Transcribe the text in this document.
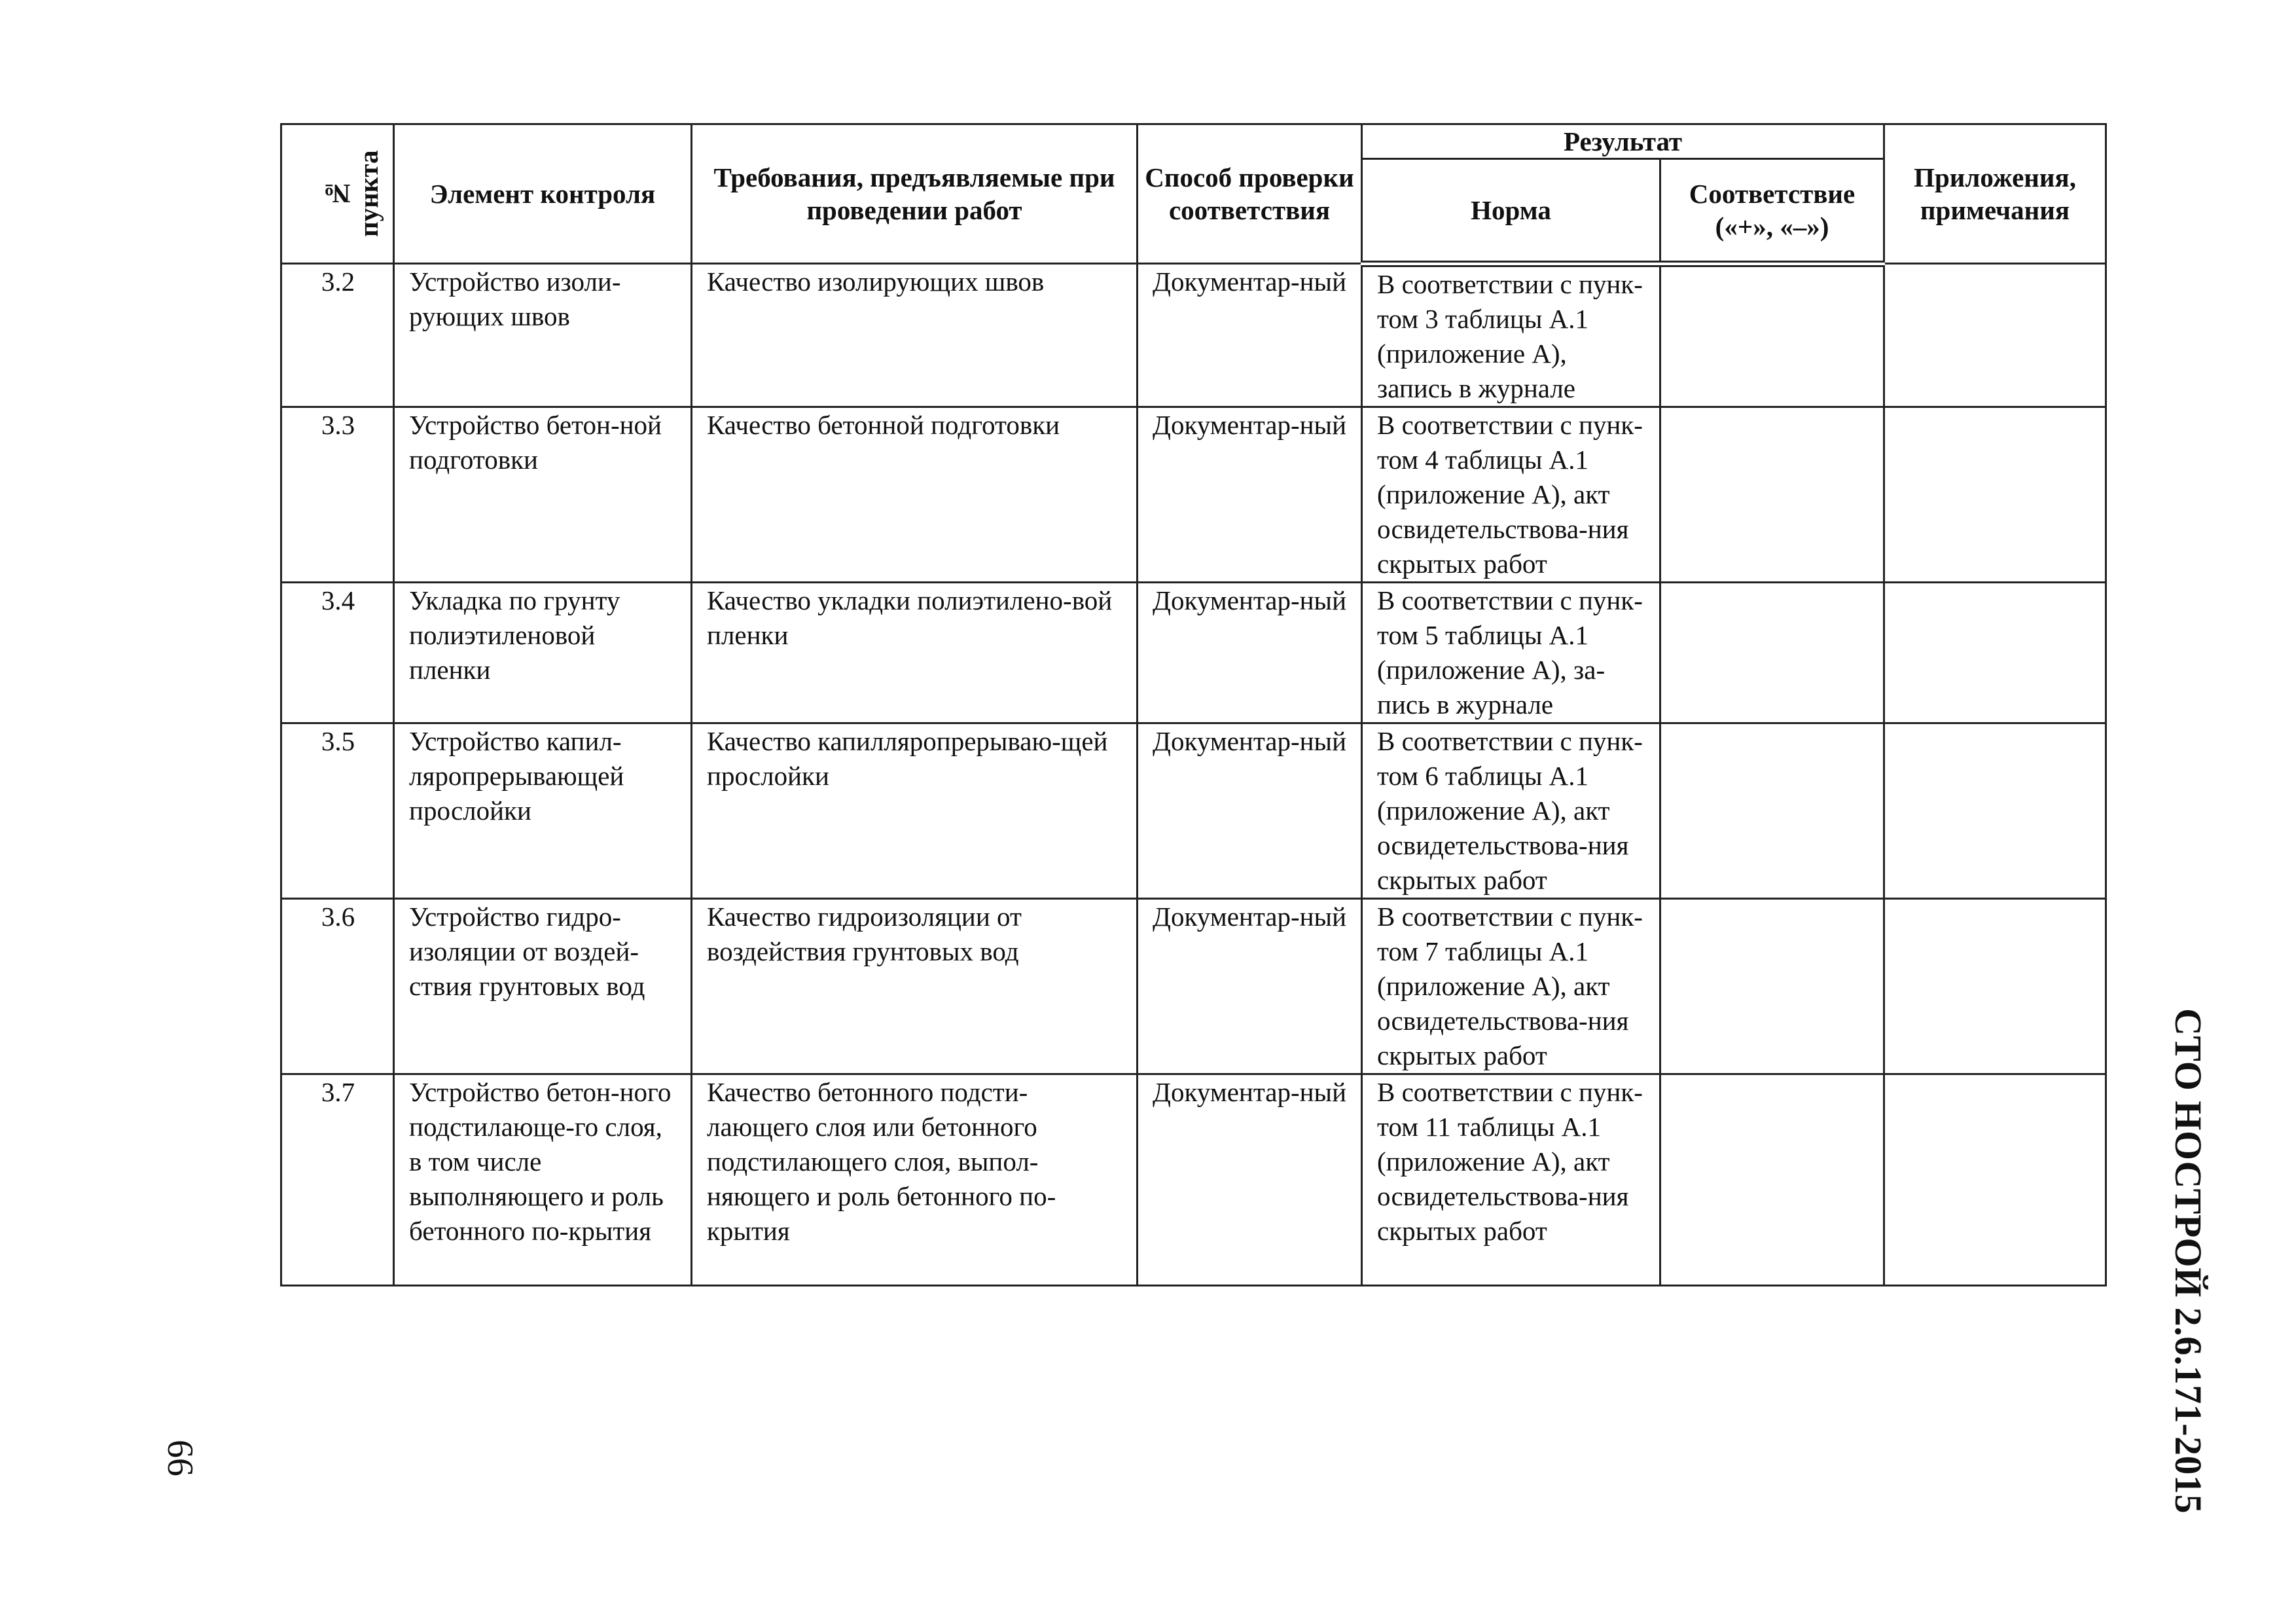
№
пункта	Элемент контроля	Требования, предъявляемые при проведении работ	Способ проверки соответствия	Результат		Приложения, примечания
				Норма	Соответствие («+», «–»)	
3.2	Устройство изоли-рующих швов	Качество изолирующих швов	Документар-ный	В соответствии с пунк-том 3 таблицы А.1 (приложение А), запись в журнале		
3.3	Устройство бетон-ной подготовки	Качество бетонной подготовки	Документар-ный	В соответствии с пунк-том 4 таблицы А.1 (приложение А), акт освидетельствова-ния скрытых работ		
3.4	Укладка по грунту полиэтиленовой пленки	Качество укладки полиэтилено-вой пленки	Документар-ный	В соответствии с пунк-том 5 таблицы А.1 (приложение А), за-пись в журнале		
3.5	Устройство капил-ляропрерывающей прослойки	Качество капилляропрерываю-щей прослойки	Документар-ный	В соответствии с пунк-том 6 таблицы А.1 (приложение А), акт освидетельствова-ния скрытых работ		
3.6	Устройство гидро-изоляции от воздей-ствия грунтовых вод	Качество гидроизоляции от воздействия грунтовых вод	Документар-ный	В соответствии с пунк-том 7 таблицы А.1 (приложение А), акт освидетельствова-ния скрытых работ		
3.7	Устройство бетон-ного подстилающе-го слоя, в том числе выполняющего и роль бетонного по-крытия	Качество бетонного подсти-лающего слоя или бетонного подстилающего слоя, выпол-няющего и роль бетонного по-крытия	Документар-ный	В соответствии с пунк-том 11 таблицы А.1 (приложение А), акт освидетельствова-ния скрытых работ			СТО НОСТРОЙ 2.6.171-2015
66
